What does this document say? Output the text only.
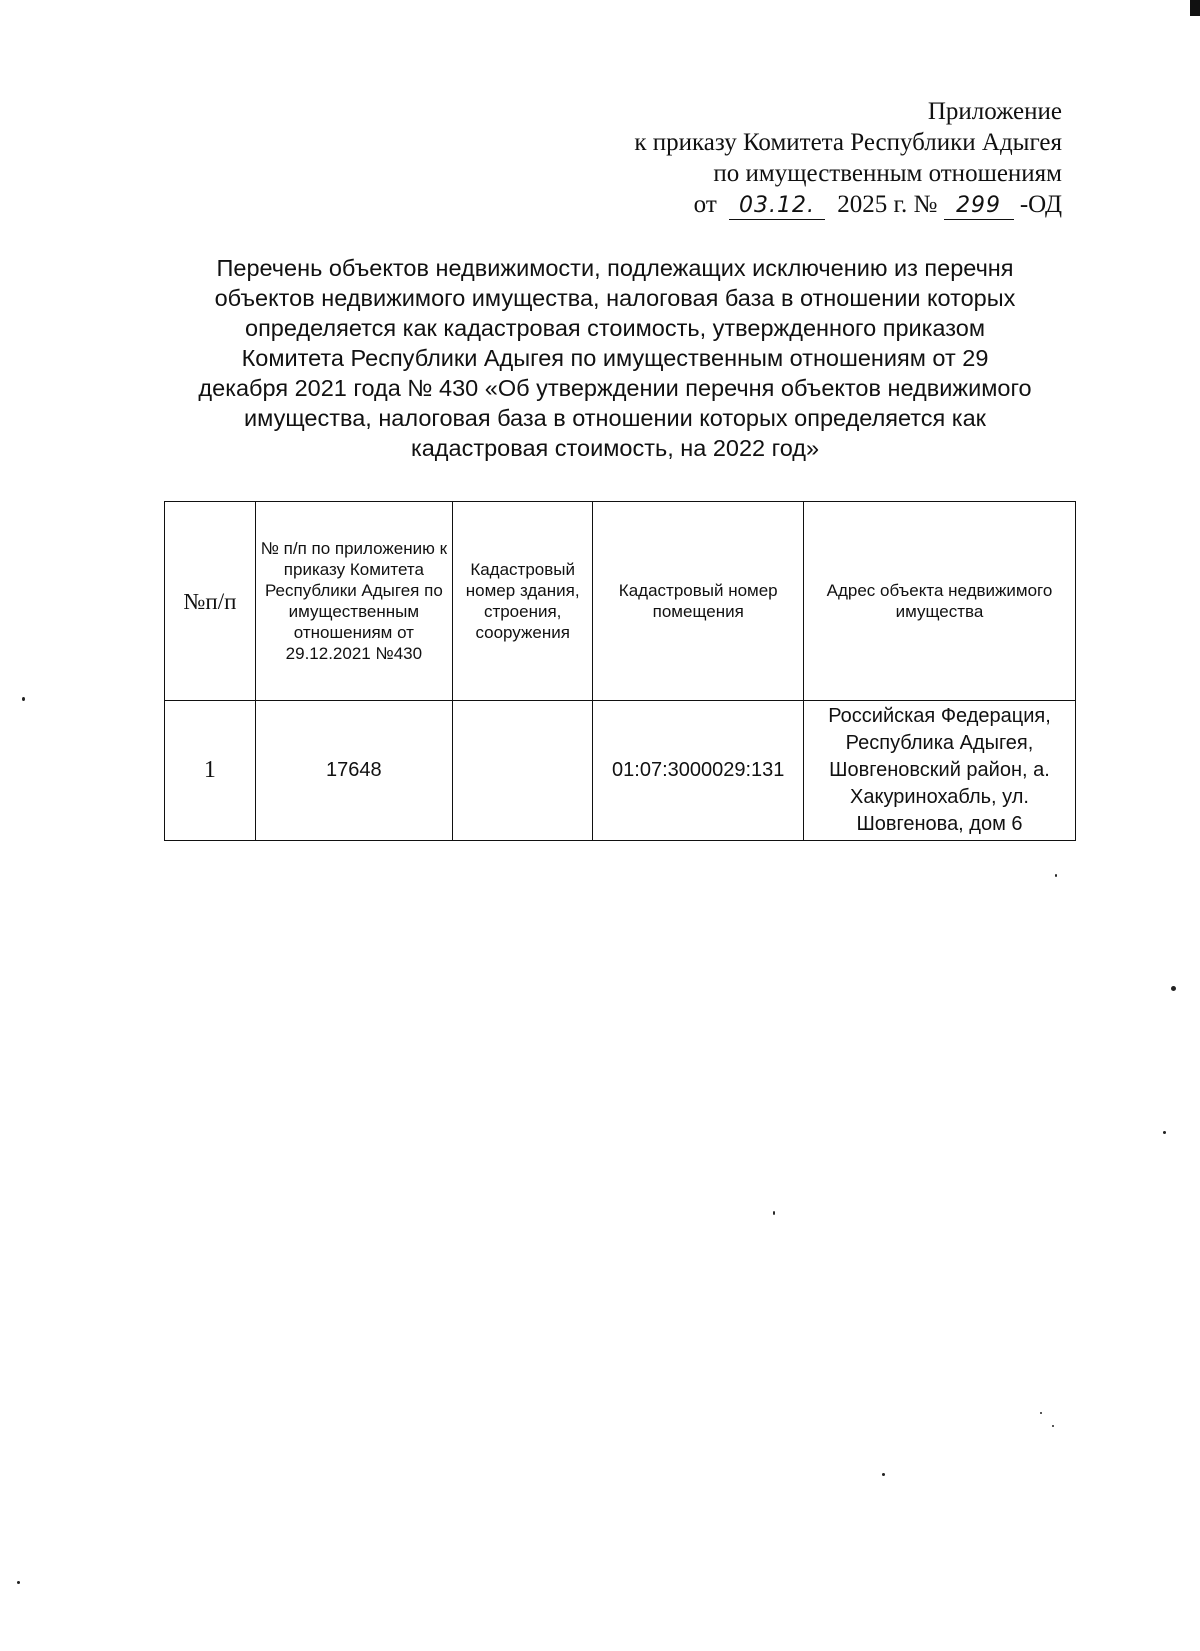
Приложение
к приказу Комитета Республики Адыгея
по имущественным отношениям
от 03.12. 2025 г. № 299 -ОД
Перечень объектов недвижимости, подлежащих исключению из перечня
объектов недвижимого имущества, налоговая база в отношении которых
определяется как кадастровая стоимость, утвержденного приказом
Комитета Республики Адыгея по имущественным отношениям от 29
декабря 2021 года № 430 «Об утверждении перечня объектов недвижимого
имущества, налоговая база в отношении которых определяется как
кадастровая стоимость, на 2022 год»
№п/п	№ п/п по приложению к приказу Комитета Республики Адыгея по имущественным отношениям от 29.12.2021 №430	Кадастровый номер здания, строения, сооружения	Кадастровый номер помещения	Адрес объекта недвижимого имущества
1	17648		01:07:3000029:131	Российская Федерация, Республика Адыгея, Шовгеновский район, а. Хакуринохабль, ул. Шовгенова, дом 6
